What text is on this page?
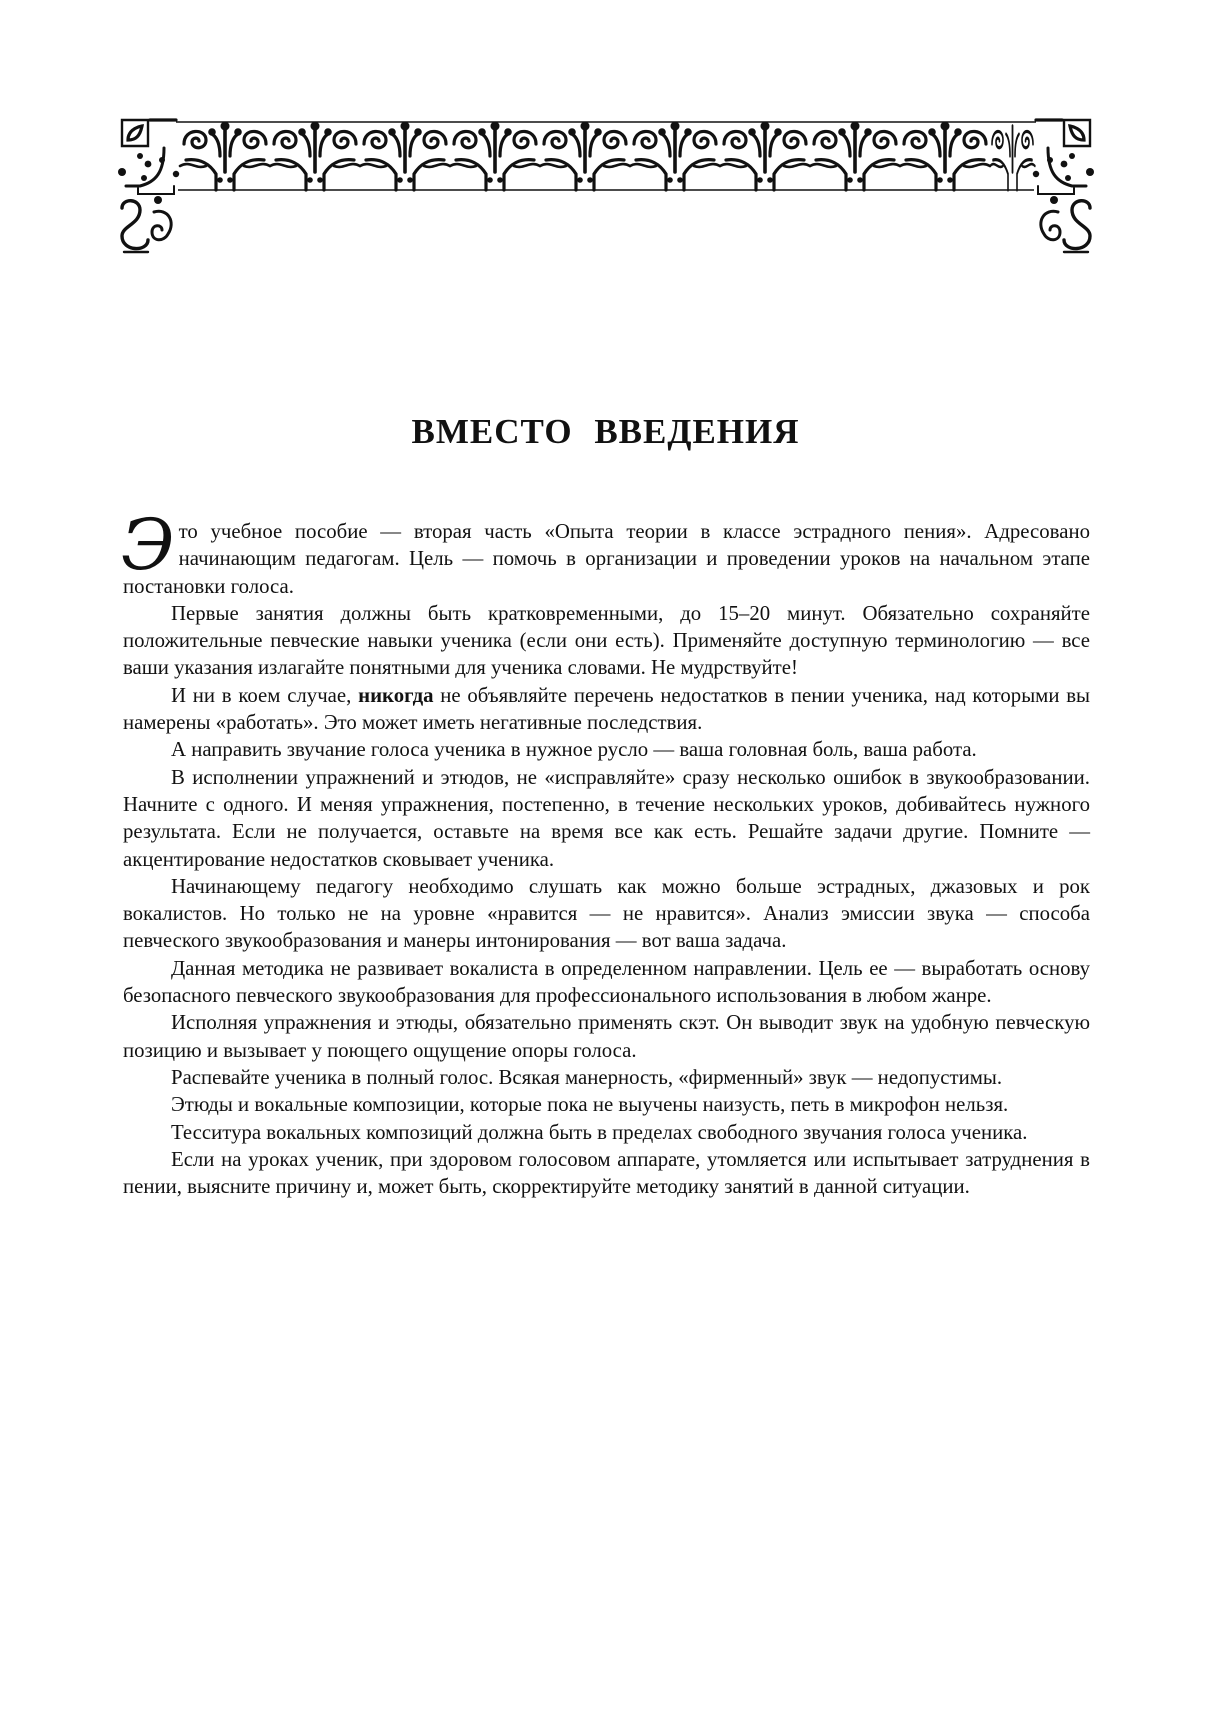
ВМЕСТО ВВЕДЕНИЯ

Это учебное пособие — вторая часть «Опыта теории в классе эстрадного пения». Адресовано начинающим педагогам. Цель — помочь в организации и проведении уроков на начальном этапе постановки голоса.

Первые занятия должны быть кратковременными, до 15–20 минут. Обязательно сохраняйте положительные певческие навыки ученика (если они есть). Применяйте доступную терминологию — все ваши указания излагайте понятными для ученика словами. Не мудрствуйте!

И ни в коем случае, никогда не объявляйте перечень недостатков в пении ученика, над которыми вы намерены «работать». Это может иметь негативные последствия.

А направить звучание голоса ученика в нужное русло — ваша головная боль, ваша работа.

В исполнении упражнений и этюдов, не «исправляйте» сразу несколько ошибок в звукообразовании. Начните с одного. И меняя упражнения, постепенно, в течение нескольких уроков, добивайтесь нужного результата. Если не получается, оставьте на время все как есть. Решайте задачи другие. Помните — акцентирование недостатков сковывает ученика.

Начинающему педагогу необходимо слушать как можно больше эстрадных, джазовых и рок вокалистов. Но только не на уровне «нравится — не нравится». Анализ эмиссии звука — способа певческого звукообразования и манеры интонирования — вот ваша задача.

Данная методика не развивает вокалиста в определенном направлении. Цель ее — выработать основу безопасного певческого звукообразования для профессионального использования в любом жанре.

Исполняя упражнения и этюды, обязательно применять скэт. Он выводит звук на удобную певческую позицию и вызывает у поющего ощущение опоры голоса.

Распевайте ученика в полный голос. Всякая манерность, «фирменный» звук — недопустимы.

Этюды и вокальные композиции, которые пока не выучены наизусть, петь в микрофон нельзя.

Тесситура вокальных композиций должна быть в пределах свободного звучания голоса ученика.

Если на уроках ученик, при здоровом голосовом аппарате, утомляется или испытывает затруднения в пении, выясните причину и, может быть, скорректируйте методику занятий в данной ситуации.
